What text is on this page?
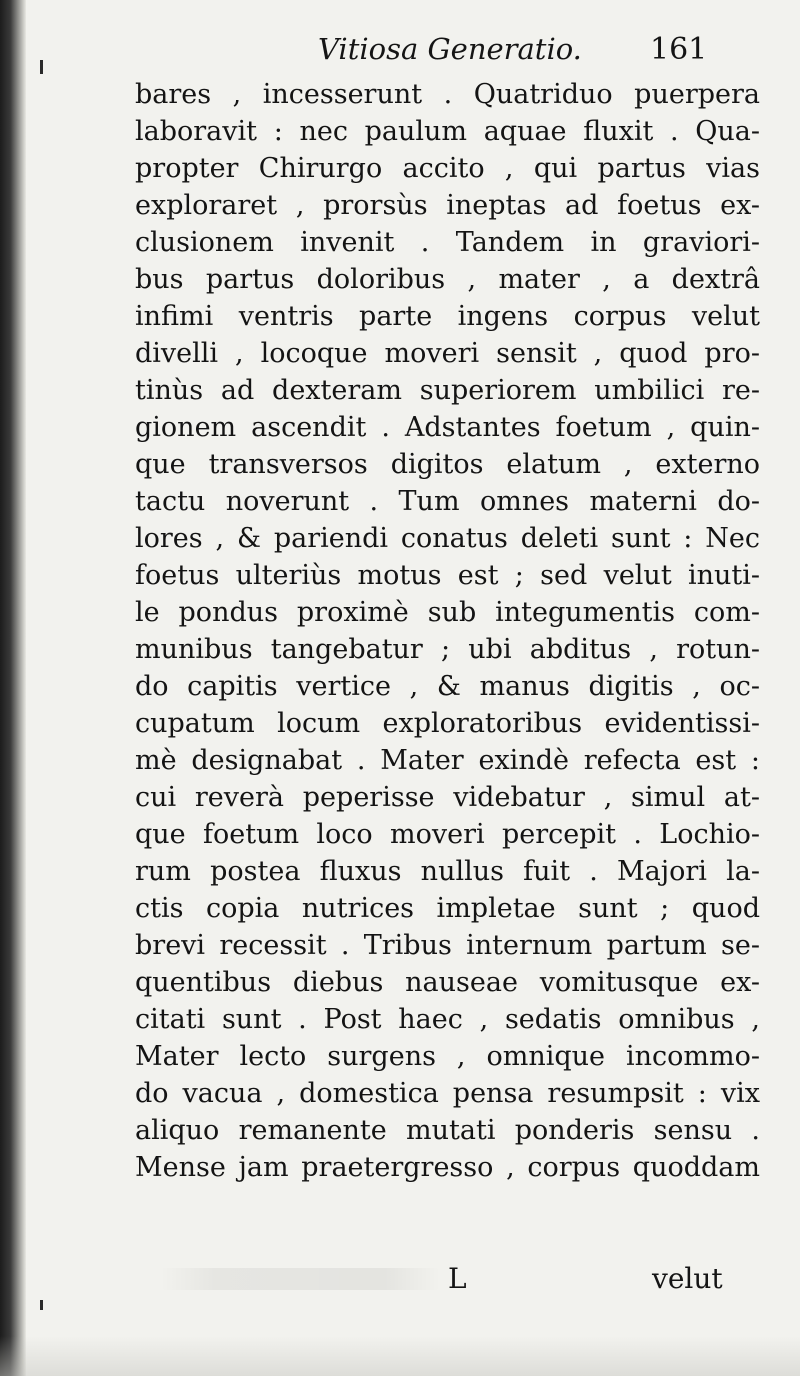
Vitiosa Generatio. 161
bares , incesserunt . Quatriduo puerpera
laboravit : nec paulum aquae fluxit . Qua-
propter Chirurgo accito , qui partus vias
exploraret , prorsùs ineptas ad foetus ex-
clusionem invenit . Tandem in graviori-
bus partus doloribus , mater , a dextrâ
infimi ventris parte ingens corpus velut
divelli , locoque moveri sensit , quod pro-
tinùs ad dexteram superiorem umbilici re-
gionem ascendit . Adstantes foetum , quin-
que transversos digitos elatum , externo
tactu noverunt . Tum omnes materni do-
lores , & pariendi conatus deleti sunt : Nec
foetus ulteriùs motus est ; sed velut inuti-
le pondus proximè sub integumentis com-
munibus tangebatur ; ubi abditus , rotun-
do capitis vertice , & manus digitis , oc-
cupatum locum exploratoribus evidentissi-
mè designabat . Mater exindè refecta est :
cui reverà peperisse videbatur , simul at-
que foetum loco moveri percepit . Lochio-
rum postea fluxus nullus fuit . Majori la-
ctis copia nutrices impletae sunt ; quod
brevi recessit . Tribus internum partum se-
quentibus diebus nauseae vomitusque ex-
citati sunt . Post haec , sedatis omnibus ,
Mater lecto surgens , omnique incommo-
do vacua , domestica pensa resumpsit : vix
aliquo remanente mutati ponderis sensu .
Mense jam praetergresso , corpus quoddam
L	velut
